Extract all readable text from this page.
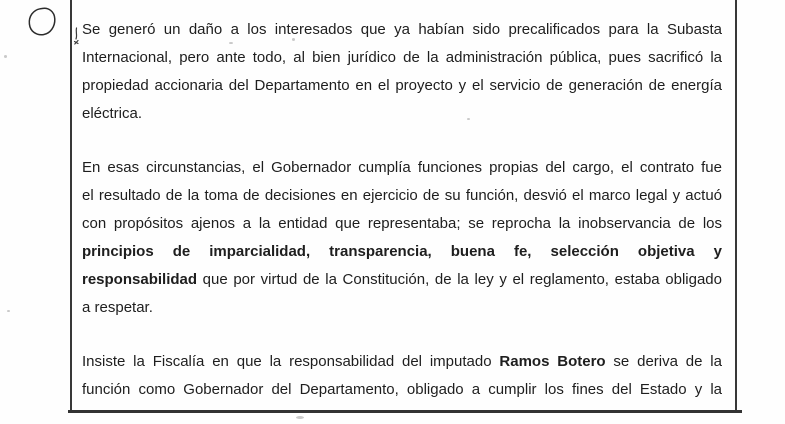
Se generó un daño a los interesados que ya habían sido precalificados para la Subasta
Internacional, pero ante todo, al bien jurídico de la administración pública, pues sacrificó la
propiedad accionaria del Departamento en el proyecto y el servicio de generación de energía
eléctrica.
En esas circunstancias, el Gobernador cumplía funciones propias del cargo, el contrato fue
el resultado de la toma de decisiones en ejercicio de su función, desvió el marco legal y actuó
con propósitos ajenos a la entidad que representaba; se reprocha la inobservancia de los
principios de imparcialidad, transparencia, buena fe, selección objetiva y
responsabilidad que por virtud de la Constitución, de la ley y el reglamento, estaba obligado
a respetar.
Insiste la Fiscalía en que la responsabilidad del imputado Ramos Botero se deriva de la
función como Gobernador del Departamento, obligado a cumplir los fines del Estado y la
